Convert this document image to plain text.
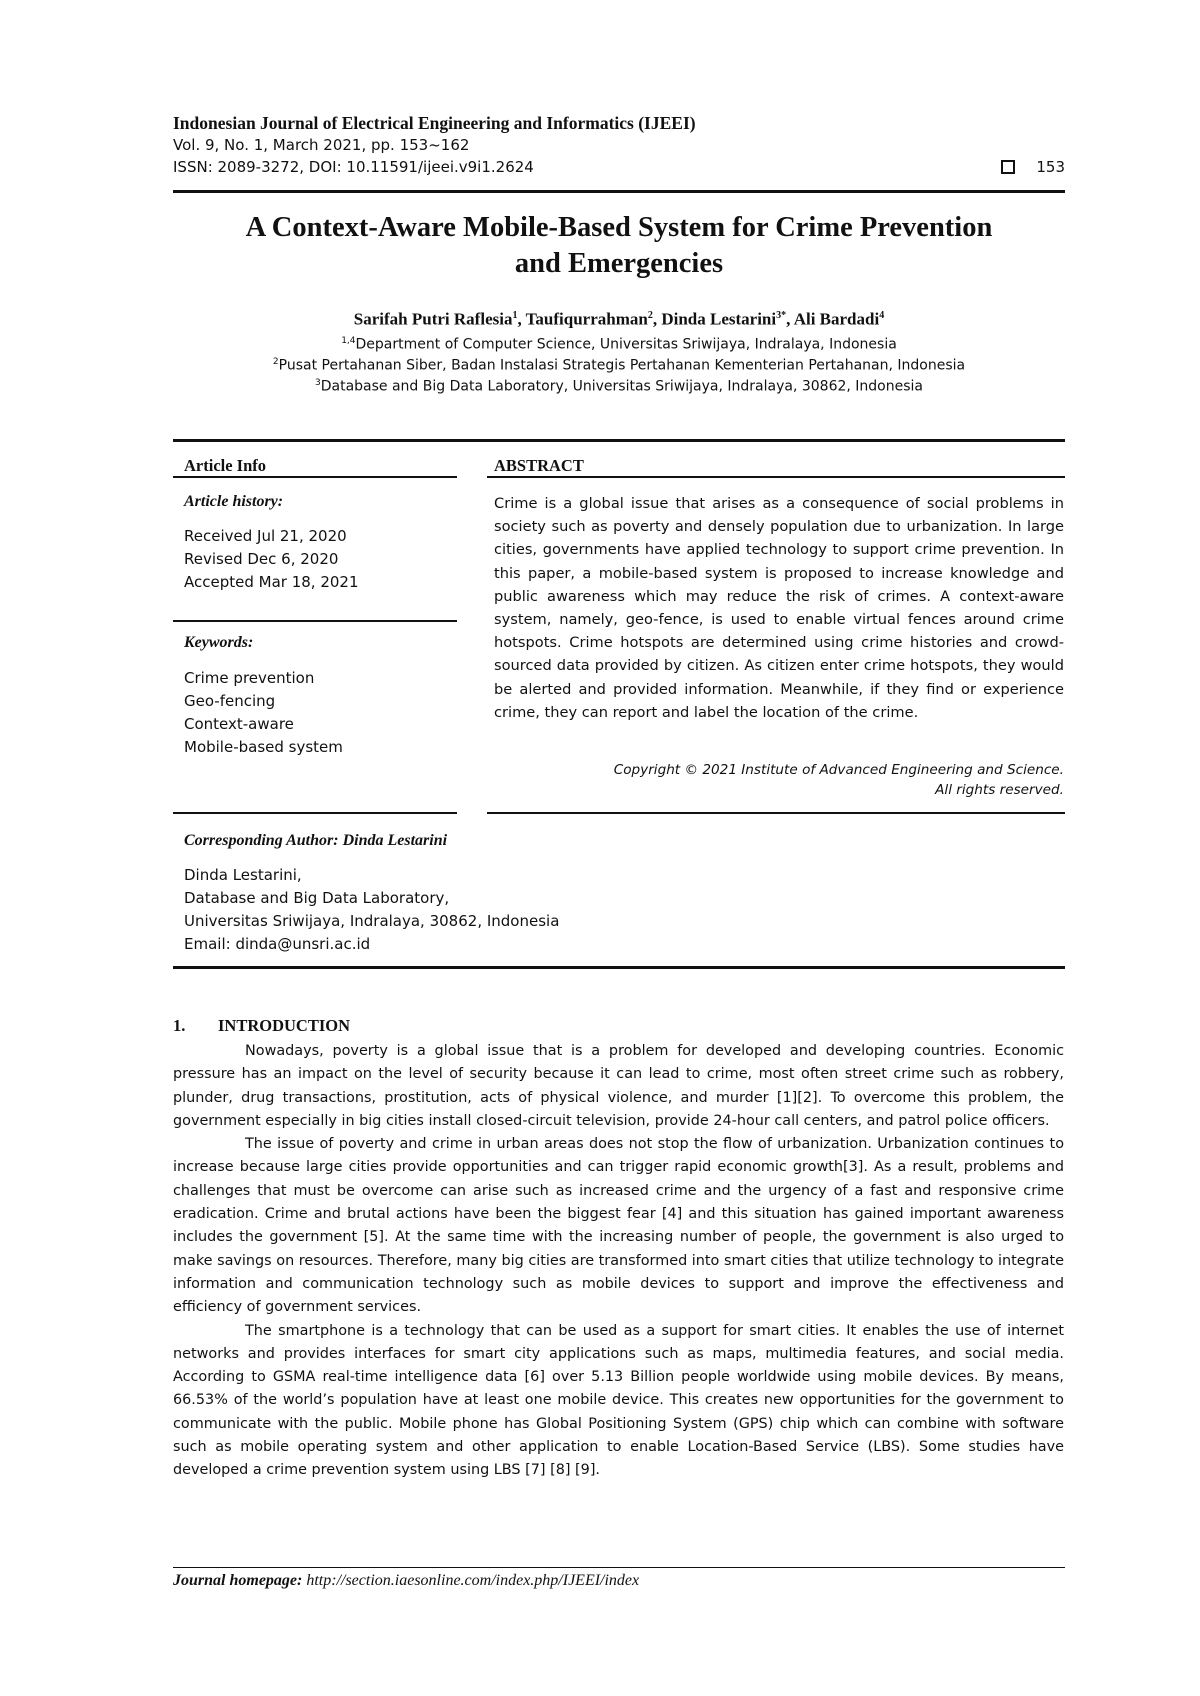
Indonesian Journal of Electrical Engineering and Informatics (IJEEI)
Vol. 9, No. 1, March 2021, pp. 153~162
ISSN: 2089-3272, DOI: 10.11591/ijeei.v9i1.2624	153
A Context-Aware Mobile-Based System for Crime Prevention
and Emergencies
Sarifah Putri Raflesia$^1$, Taufiqurrahman$^2$, Dinda Lestarini$^{3*}$, Ali Bardadi$^4$
$^{1,4}$Department of Computer Science, Universitas Sriwijaya, Indralaya, Indonesia
$^2$Pusat Pertahanan Siber, Badan Instalasi Strategis Pertahanan Kementerian Pertahanan, Indonesia
$^3$Database and Big Data Laboratory, Universitas Sriwijaya, Indralaya, 30862, Indonesia
Article Info
Article history:
Received Jul 21, 2020
Revised Dec 6, 2020
Accepted Mar 18, 2021
Keywords:
Crime prevention
Geo-fencing
Context-aware
Mobile-based system
ABSTRACT
Crime is a global issue that arises as a consequence of social problems in society such as poverty and densely population due to urbanization. In large cities, governments have applied technology to support crime prevention. In this paper, a mobile-based system is proposed to increase knowledge and public awareness which may reduce the risk of crimes. A context-aware system, namely, geo-fence, is used to enable virtual fences around crime hotspots. Crime hotspots are determined using crime histories and crowd-sourced data provided by citizen. As citizen enter crime hotspots, they would be alerted and provided information. Meanwhile, if they find or experience crime, they can report and label the location of the crime.
Copyright © 2021 Institute of Advanced Engineering and Science.
All rights reserved.
Corresponding Author: Dinda Lestarini
Dinda Lestarini,
Database and Big Data Laboratory,
Universitas Sriwijaya, Indralaya, 30862, Indonesia
Email: dinda@unsri.ac.id
1. INTRODUCTION

Nowadays, poverty is a global issue that is a problem for developed and developing countries. Economic pressure has an impact on the level of security because it can lead to crime, most often street crime such as robbery, plunder, drug transactions, prostitution, acts of physical violence, and murder [1][2]. To overcome this problem, the government especially in big cities install closed-circuit television, provide 24-hour call centers, and patrol police officers.

The issue of poverty and crime in urban areas does not stop the flow of urbanization. Urbanization continues to increase because large cities provide opportunities and can trigger rapid economic growth[3]. As a result, problems and challenges that must be overcome can arise such as increased crime and the urgency of a fast and responsive crime eradication. Crime and brutal actions have been the biggest fear [4] and this situation has gained important awareness includes the government [5]. At the same time with the increasing number of people, the government is also urged to make savings on resources. Therefore, many big cities are transformed into smart cities that utilize technology to integrate information and communication technology such as mobile devices to support and improve the effectiveness and efficiency of government services.

The smartphone is a technology that can be used as a support for smart cities. It enables the use of internet networks and provides interfaces for smart city applications such as maps, multimedia features, and social media. According to GSMA real-time intelligence data [6] over 5.13 Billion people worldwide using mobile devices. By means, 66.53% of the world’s population have at least one mobile device. This creates new opportunities for the government to communicate with the public. Mobile phone has Global Positioning System (GPS) chip which can combine with software such as mobile operating system and other application to enable Location-Based Service (LBS). Some studies have developed a crime prevention system using LBS [7] [8] [9].

Journal homepage: http://section.iaesonline.com/index.php/IJEEI/index
